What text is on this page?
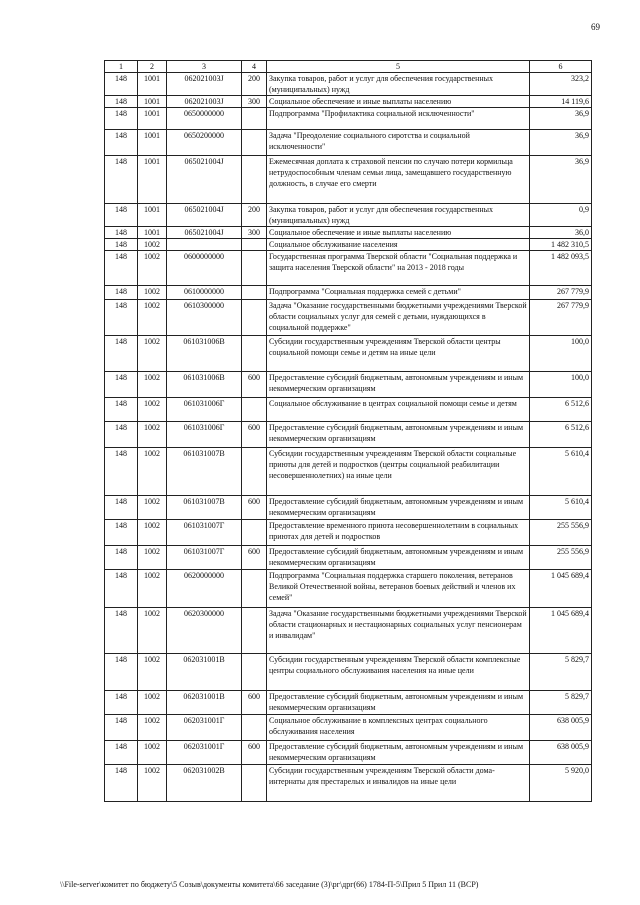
69
1	2	3	4	5	6
148	1001	062021003J	200	Закупка товаров, работ и услуг для обеспечения государственных (муниципальных) нужд	323,2
148	1001	062021003J	300	Социальное обеспечение и иные выплаты населению	14 119,6
148	1001	0650000000		Подпрограмма "Профилактика социальной исключенности"	36,9
148	1001	0650200000		Задача "Преодоление социального сиротства и социальной исключенности"	36,9
148	1001	065021004J		Ежемесячная доплата к страховой пенсии по случаю потери кормильца нетрудоспособным членам семьи лица, замещавшего государственную должность, в случае его смерти	36,9
148	1001	065021004J	200	Закупка товаров, работ и услуг для обеспечения государственных (муниципальных) нужд	0,9
148	1001	065021004J	300	Социальное обеспечение и иные выплаты населению	36,0
148	1002			Социальное обслуживание населения	1 482 310,5
148	1002	0600000000		Государственная программа Тверской области "Социальная поддержка и защита населения Тверской области" на 2013 - 2018 годы	1 482 093,5
148	1002	0610000000		Подпрограмма "Социальная поддержка семей с детьми"	267 779,9
148	1002	0610300000		Задача "Оказание государственными бюджетными учреждениями Тверской области социальных услуг для семей с детьми, нуждающихся в социальной поддержке"	267 779,9
148	1002	061031006B		Субсидии государственным учреждениям Тверской области центры социальной помощи семье и детям на иные цели	100,0
148	1002	061031006B	600	Предоставление субсидий бюджетным, автономным учреждениям и иным некоммерческим организациям	100,0
148	1002	061031006Г		Социальное обслуживание в центрах социальной помощи семье и детям	6 512,6
148	1002	061031006Г	600	Предоставление субсидий бюджетным, автономным учреждениям и иным некоммерческим организациям	6 512,6
148	1002	061031007B		Субсидии государственным учреждениям Тверской области социальные приюты для детей и подростков (центры социальной реабилитации несовершеннолетних) на иные цели	5 610,4
148	1002	061031007B	600	Предоставление субсидий бюджетным, автономным учреждениям и иным некоммерческим организациям	5 610,4
148	1002	061031007Г		Предоставление временного приюта несовершеннолетним в социальных приютах для детей и подростков	255 556,9
148	1002	061031007Г	600	Предоставление субсидий бюджетным, автономным учреждениям и иным некоммерческим организациям	255 556,9
148	1002	0620000000		Подпрограмма "Социальная поддержка старшего поколения, ветеранов Великой Отечественной войны, ветеранов боевых действий и членов их семей"	1 045 689,4
148	1002	0620300000		Задача "Оказание государственными бюджетными учреждениями Тверской области стационарных и нестационарных социальных услуг пенсионерам и инвалидам"	1 045 689,4
148	1002	062031001B		Субсидии государственным учреждениям Тверской области комплексные центры социального обслуживания населения на иные цели	5 829,7
148	1002	062031001B	600	Предоставление субсидий бюджетным, автономным учреждениям и иным некоммерческим организациям	5 829,7
148	1002	062031001Г		Социальное обслуживание в комплексных центрах социального обслуживания населения	638 005,9
148	1002	062031001Г	600	Предоставление субсидий бюджетным, автономным учреждениям и иным некоммерческим организациям	638 005,9
148	1002	062031002B		Субсидии государственным учреждениям Тверской области дома-интернаты для престарелых и инвалидов на иные цели	5 920,0
\\File-server\комитет по бюджету\5 Созыв\документы комитета\66 заседание (3)\рг\дрг(66) 1784-П-5\Прил 5 Прил 11 (ВСР)
